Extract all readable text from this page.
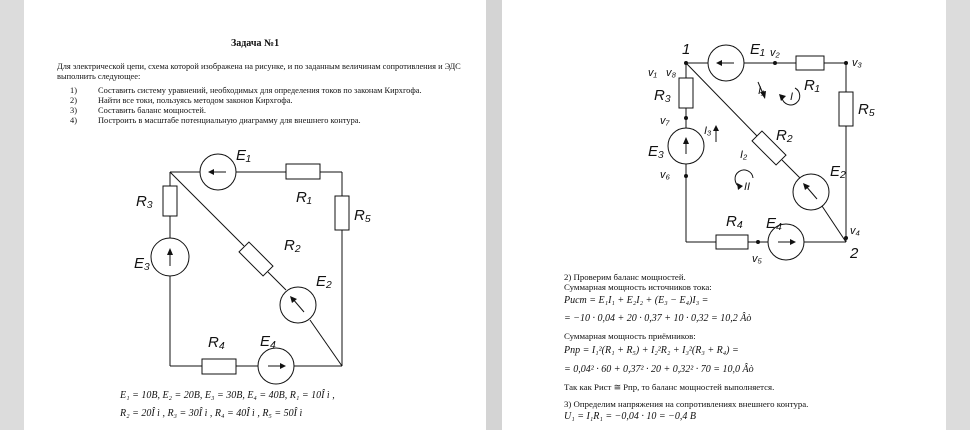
Задача №1
Для электрической цепи, схема которой изображена на рисунке, и по заданным величинам сопротивления и ЭДС выполнить следующее:
1)	Составить систему уравнений, необходимых для определения токов по законам Кирхгофа.
2)	Найти все токи, пользуясь методом законов Кирхгофа.
3)	Составить баланс мощностей.
4)	Построить в масштабе потенциальную диаграмму для внешнего контура.
E₁
R₁
R₅
R₃
R₂
E₃
E₂
R₄ E₄
E₁ = 10В, E₂ = 20В, E₃ = 30В, E₄ = 40В, R₁ = 10Î ì ,
R₂ = 20Î ì , R₃ = 30Î ì , R₄ = 40Î ì , R₅ = 50Î ì
1
2
E₁
R₁
R₅
R₃
R₂
E₃
E₂
R₄ E₄
v₂
v₃
v₁ v₈
I₁ I
v₇
I₃
I₂
v₆
II
v₄
v₅
2) Проверим баланс мощностей.
Суммарная мощность источников тока:
Pист = E₁I₁ + E₂I₂ + (E₃ − E₄)I₃ =
= −10 · 0,04 + 20 · 0,37 + 10 · 0,32 = 10,2 Âò
Суммарная мощность приёмников:
Pпр = I₁²(R₁ + R₅) + I₂²R₂ + I₃²(R₃ + R₄) =
= 0,04² · 60 + 0,37² · 20 + 0,32² · 70 = 10,0 Âò
Так как Pист ≅ Pпр, то баланс мощностей выполняется.
3) Определим напряжения на сопротивлениях внешнего контура.
U₁ = I₁R₁ = −0,04 · 10 = −0,4 В
